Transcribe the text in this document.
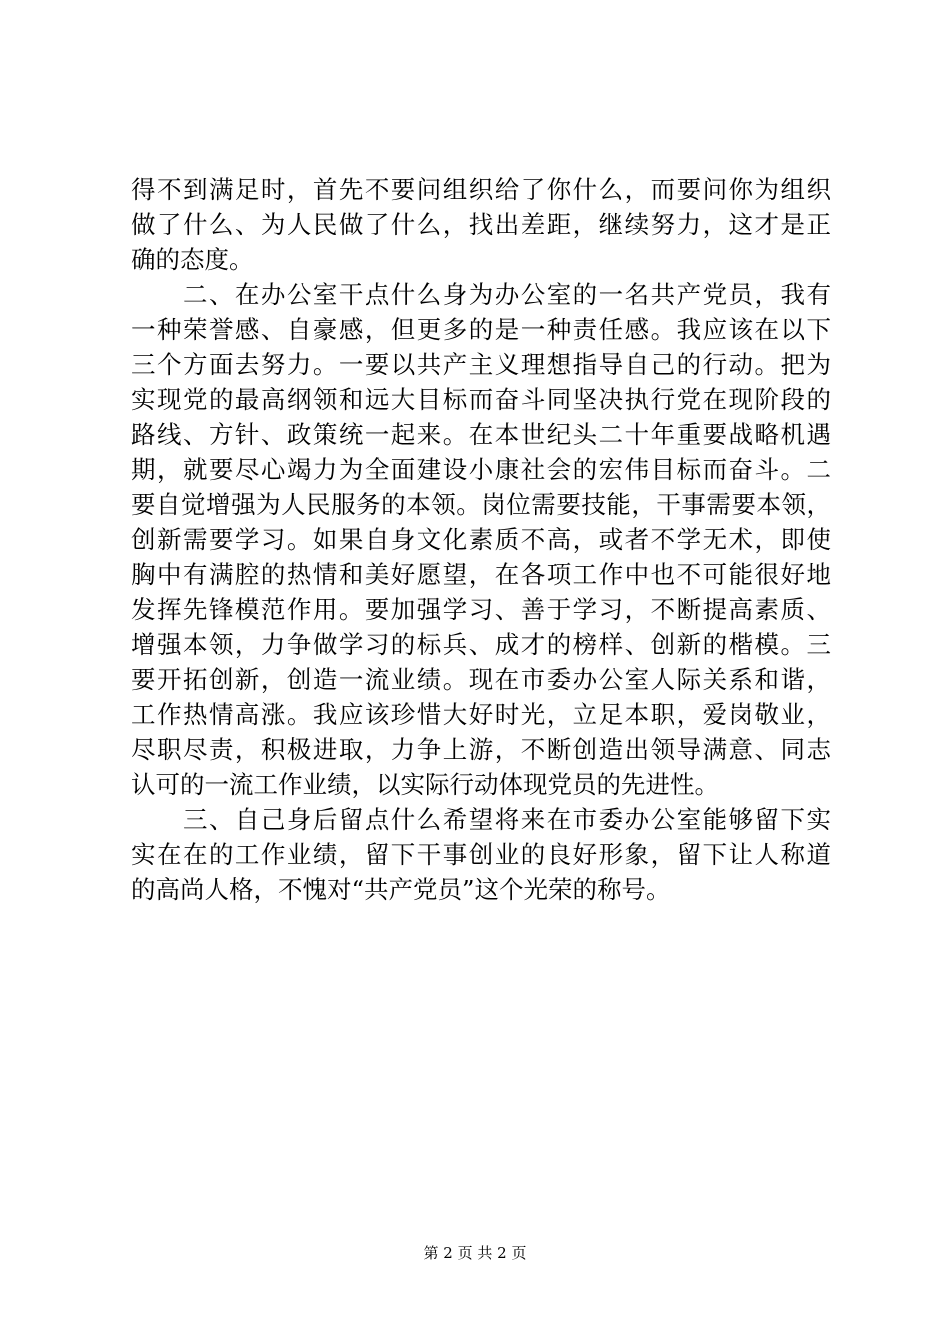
得不到满足时，首先不要问组织给了你什么，而要问你为组织
做了什么、为人民做了什么，找出差距，继续努力，这才是正
确的态度。
　　二、在办公室干点什么身为办公室的一名共产党员，我有
一种荣誉感、自豪感，但更多的是一种责任感。我应该在以下
三个方面去努力。一要以共产主义理想指导自己的行动。把为
实现党的最高纲领和远大目标而奋斗同坚决执行党在现阶段的
路线、方针、政策统一起来。在本世纪头二十年重要战略机遇
期，就要尽心竭力为全面建设小康社会的宏伟目标而奋斗。二
要自觉增强为人民服务的本领。岗位需要技能，干事需要本领，
创新需要学习。如果自身文化素质不高，或者不学无术，即使
胸中有满腔的热情和美好愿望，在各项工作中也不可能很好地
发挥先锋模范作用。要加强学习、善于学习，不断提高素质、
增强本领，力争做学习的标兵、成才的榜样、创新的楷模。三
要开拓创新，创造一流业绩。现在市委办公室人际关系和谐，
工作热情高涨。我应该珍惜大好时光，立足本职，爱岗敬业，
尽职尽责，积极进取，力争上游，不断创造出领导满意、同志
认可的一流工作业绩，以实际行动体现党员的先进性。
　　三、自己身后留点什么希望将来在市委办公室能够留下实
实在在的工作业绩，留下干事创业的良好形象，留下让人称道
的高尚人格，不愧对“共产党员”这个光荣的称号。
第 2 页 共 2 页
